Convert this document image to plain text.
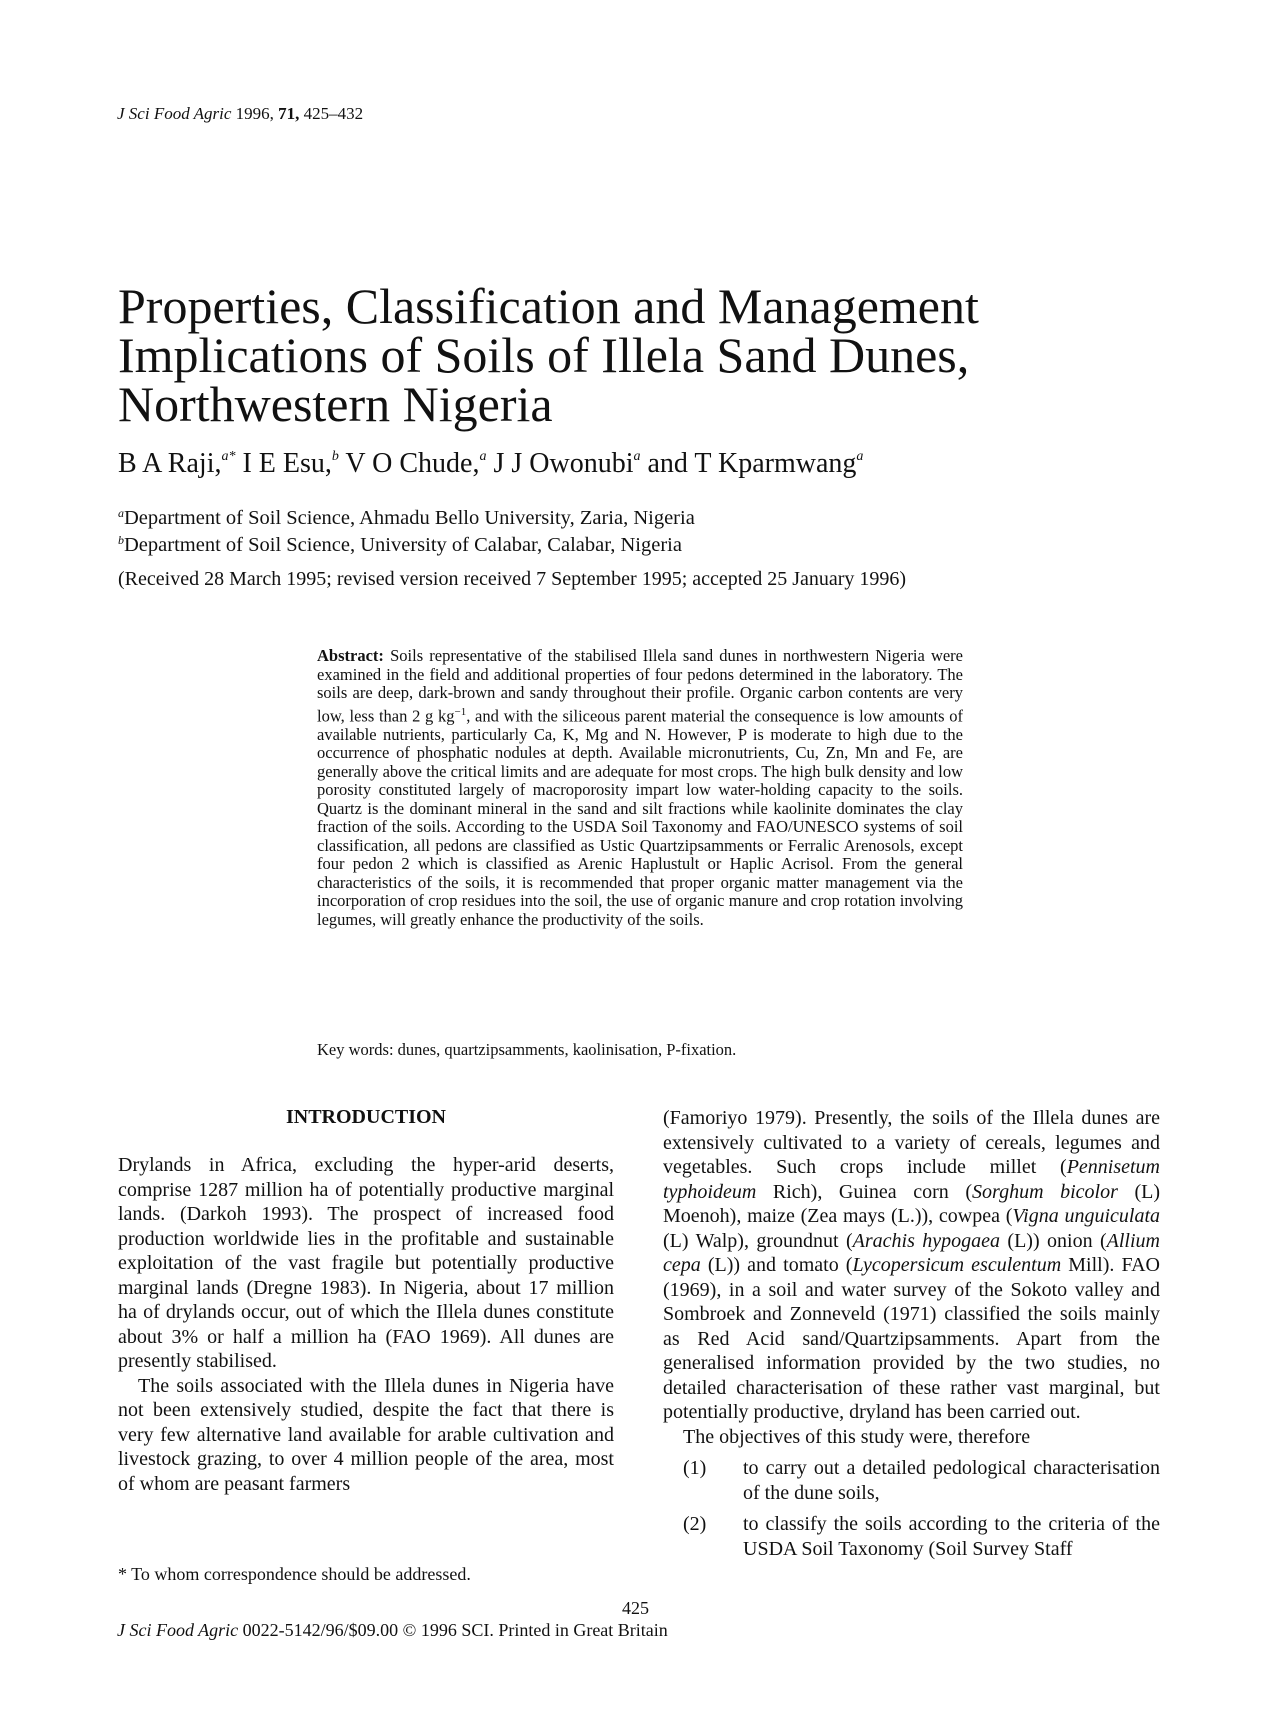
J Sci Food Agric 1996, 71, 425–432
Properties, Classification and Management
Implications of Soils of Illela Sand Dunes,
Northwestern Nigeria
B A Raji,$^{a*}$ I E Esu,$^b$ V O Chude,$^a$ J J Owonubi$^a$ and T Kparmwang$^a$
$^a$Department of Soil Science, Ahmadu Bello University, Zaria, Nigeria
$^b$Department of Soil Science, University of Calabar, Calabar, Nigeria
(Received 28 March 1995; revised version received 7 September 1995; accepted 25 January 1996)
Abstract: Soils representative of the stabilised Illela sand dunes in northwestern Nigeria were examined in the field and additional properties of four pedons determined in the laboratory. The soils are deep, dark-brown and sandy throughout their profile. Organic carbon contents are very low, less than 2 g $kg^{-1}$, and with the siliceous parent material the consequence is low amounts of available nutrients, particularly Ca, K, Mg and N. However, P is moderate to high due to the occurrence of phosphatic nodules at depth. Available micronutrients, Cu, Zn, Mn and Fe, are generally above the critical limits and are adequate for most crops. The high bulk density and low porosity constituted largely of macroporosity impart low water-holding capacity to the soils. Quartz is the dominant mineral in the sand and silt fractions while kaolinite dominates the clay fraction of the soils. According to the USDA Soil Taxonomy and FAO/UNESCO systems of soil classification, all pedons are classified as Ustic Quartzipsamments or Ferralic Arenosols, except four pedon 2 which is classified as Arenic Haplustult or Haplic Acrisol. From the general characteristics of the soils, it is recommended that proper organic matter management via the incorporation of crop residues into the soil, the use of organic manure and crop rotation involving legumes, will greatly enhance the productivity of the soils.
Key words: dunes, quartzipsamments, kaolinisation, P-fixation.
INTRODUCTION

Drylands in Africa, excluding the hyper-arid deserts, comprise 1287 million ha of potentially productive marginal lands. (Darkoh 1993). The prospect of increased food production worldwide lies in the profitable and sustainable exploitation of the vast fragile but potentially productive marginal lands (Dregne 1983). In Nigeria, about 17 million ha of drylands occur, out of which the Illela dunes constitute about 3% or half a million ha (FAO 1969). All dunes are presently stabilised.

The soils associated with the Illela dunes in Nigeria have not been extensively studied, despite the fact that there is very few alternative land available for arable cultivation and livestock grazing, to over 4 million people of the area, most of whom are peasant farmers

(Famoriyo 1979). Presently, the soils of the Illela dunes are extensively cultivated to a variety of cereals, legumes and vegetables. Such crops include millet (Pennisetum typhoideum Rich), Guinea corn (Sorghum bicolor (L) Moenoh), maize (Zea mays (L.)), cowpea (Vigna unguiculata (L) Walp), groundnut (Arachis hypogaea (L)) onion (Allium cepa (L)) and tomato (Lycopersicum esculentum Mill). FAO (1969), in a soil and water survey of the Sokoto valley and Sombroek and Zonneveld (1971) classified the soils mainly as Red Acid sand/Quartzipsamments. Apart from the generalised information provided by the two studies, no detailed characterisation of these rather vast marginal, but potentially productive, dryland has been carried out.

The objectives of this study were, therefore

(1)	to carry out a detailed pedological characterisation of the dune soils,
(2)	to classify the soils according to the criteria of the USDA Soil Taxonomy (Soil Survey Staff
* To whom correspondence should be addressed.
425
J Sci Food Agric 0022-5142/96/$09.00 © 1996 SCI. Printed in Great Britain
